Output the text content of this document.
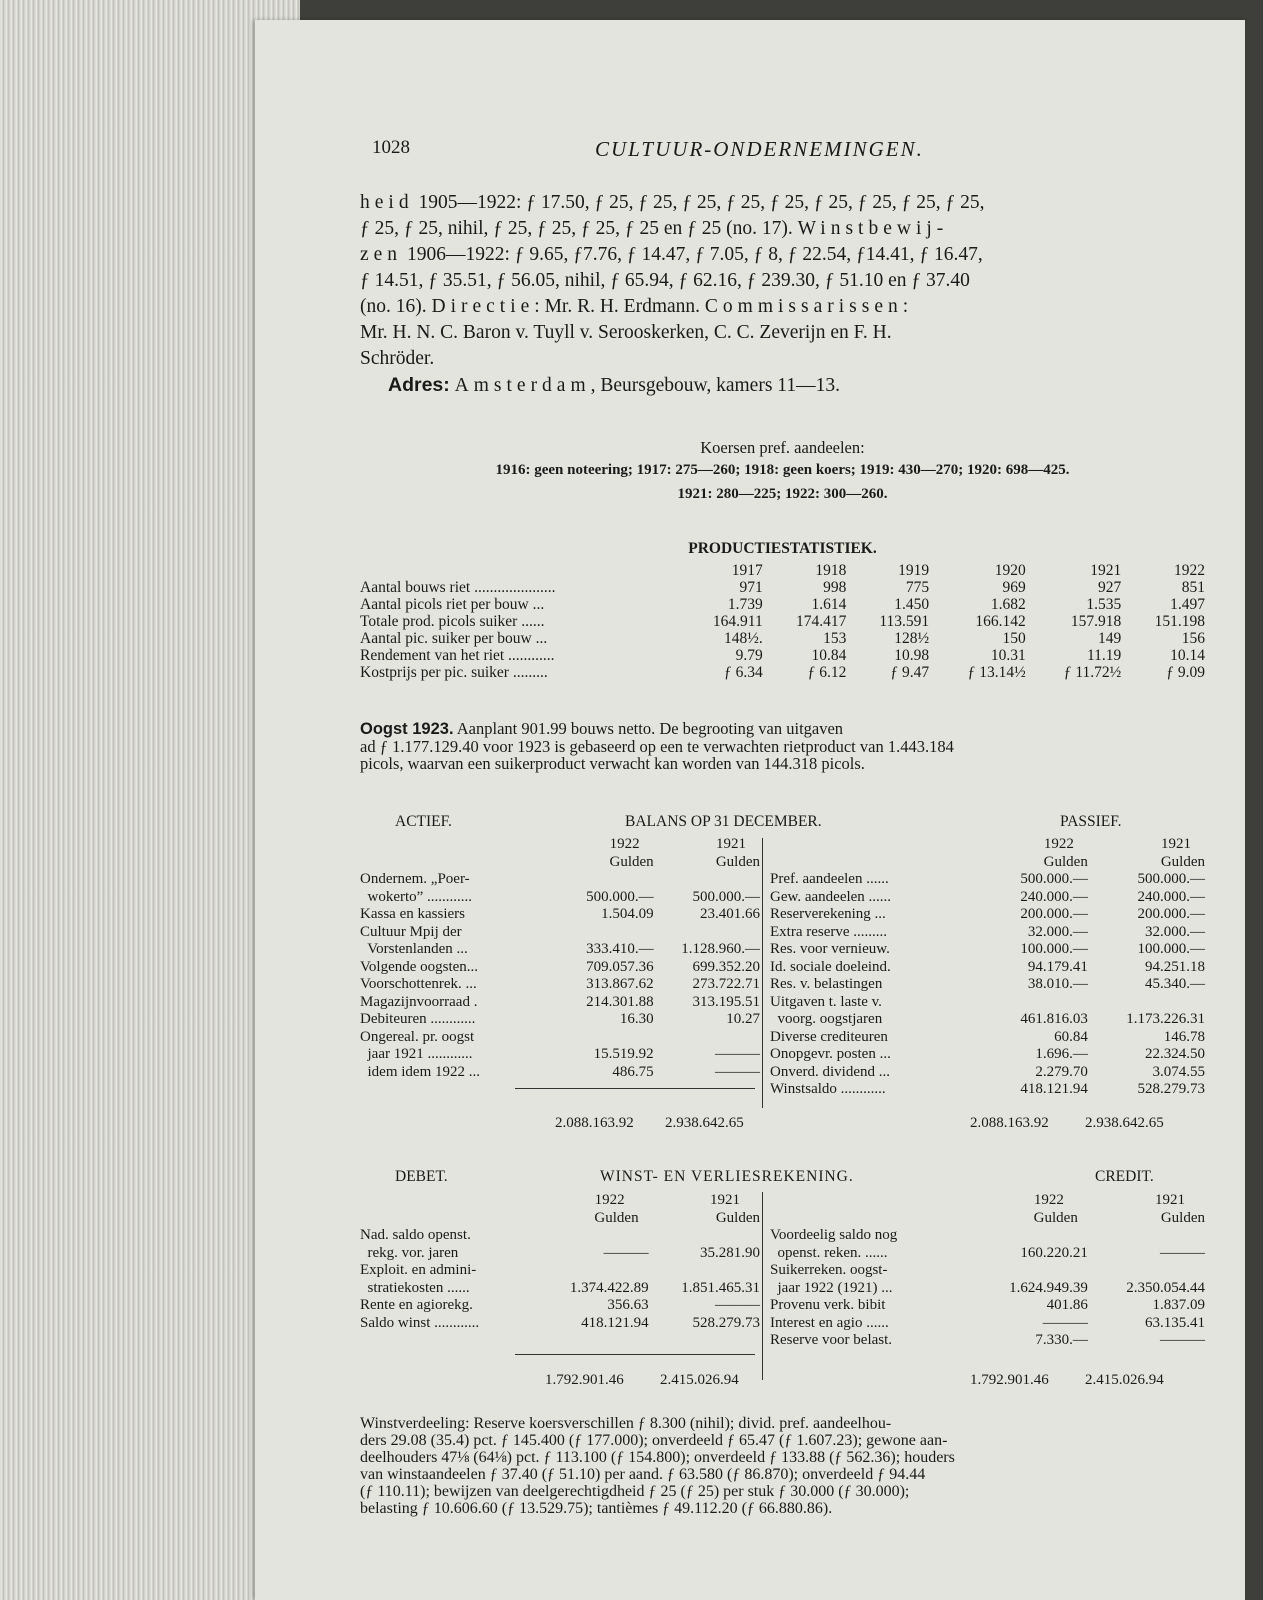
1028	CULTUUR-ONDERNEMINGEN.
heid 1905—1922: ƒ 17.50, ƒ 25, ƒ 25, ƒ 25, ƒ 25, ƒ 25, ƒ 25, ƒ 25, ƒ 25, ƒ 25,
ƒ 25, ƒ 25, nihil, ƒ 25, ƒ 25, ƒ 25, ƒ 25 en ƒ 25 (no. 17). Winstbewij-
zen 1906—1922: ƒ 9.65, ƒ7.76, ƒ 14.47, ƒ 7.05, ƒ 8, ƒ 22.54, ƒ14.41, ƒ 16.47,
ƒ 14.51, ƒ 35.51, ƒ 56.05, nihil, ƒ 65.94, ƒ 62.16, ƒ 239.30, ƒ 51.10 en ƒ 37.40
(no. 16). Directie: Mr. R. H. Erdmann. Commissarissen:
Mr. H. N. C. Baron v. Tuyll v. Serooskerken, C. C. Zeverijn en F. H.
Schröder.
Adres: Amsterdam, Beursgebouw, kamers 11—13.
Koersen pref. aandeelen:
1916: geen noteering; 1917: 275—260; 1918: geen koers; 1919: 430—270; 1920: 698—425.
1921: 280—225; 1922: 300—260.
PRODUCTIESTATISTIEK.
	1917	1918	1919	1920	1921	1922
Aantal bouws riet .....................	971	998	775	969	927	851
Aantal picols riet per bouw ...	1.739	1.614	1.450	1.682	1.535	1.497
Totale prod. picols suiker ......	164.911	174.417	113.591	166.142	157.918	151.198
Aantal pic. suiker per bouw ...	148½.	153	128½	150	149	156
Rendement van het riet ............	9.79	10.84	10.98	10.31	11.19	10.14
Kostprijs per pic. suiker .........	ƒ 6.34	ƒ 6.12	ƒ 9.47	ƒ 13.14½	ƒ 11.72½	ƒ 9.09
Oogst 1923. Aanplant 901.99 bouws netto. De begrooting van uitgaven
ad ƒ 1.177.129.40 voor 1923 is gebaseerd op een te verwachten rietproduct van 1.443.184
picols, waarvan een suikerproduct verwacht kan worden van 144.318 picols.
ACTIEF.	BALANS OP 31 DECEMBER.	PASSIEF.
	1922	1921
	Gulden	Gulden
Ondernem. „Poer-		
wokerto” ............	500.000.—	500.000.—
Kassa en kassiers	1.504.09	23.401.66
Cultuur Mpij der		
Vorstenlanden ...	333.410.—	1.128.960.—
Volgende oogsten...	709.057.36	699.352.20
Voorschottenrek. ...	313.867.62	273.722.71
Magazijnvoorraad .	214.301.88	313.195.51
Debiteuren ............	16.30	10.27
Ongereal. pr. oogst		
jaar 1921 ............	15.519.92	———
idem idem 1922 ...	486.75	———
	1922	1921
	Gulden	Gulden
Pref. aandeelen ......	500.000.—	500.000.—
Gew. aandeelen ......	240.000.—	240.000.—
Reserverekening ...	200.000.—	200.000.—
Extra reserve .........	32.000.—	32.000.—
Res. voor vernieuw.	100.000.—	100.000.—
Id. sociale doeleind.	94.179.41	94.251.18
Res. v. belastingen	38.010.—	45.340.—
Uitgaven t. laste v.		
voorg. oogstjaren	461.816.03	1.173.226.31
Diverse crediteuren	60.84	146.78
Onopgevr. posten ...	1.696.—	22.324.50
Onverd. dividend ...	2.279.70	3.074.55
Winstsaldo ............	418.121.94	528.279.73
2.088.163.92 2.938.642.65	2.088.163.92 2.938.642.65
DEBET.	WINST- EN VERLIESREKENING.	CREDIT.
	1922	1921
	Gulden	Gulden
Nad. saldo openst.		
rekg. vor. jaren	———	35.281.90
Exploit. en admini-		
stratiekosten ......	1.374.422.89	1.851.465.31
Rente en agiorekg.	356.63	———
Saldo winst ............	418.121.94	528.279.73
	1922	1921
	Gulden	Gulden
Voordeelig saldo nog		
openst. reken. ......	160.220.21	———
Suikerreken. oogst-		
jaar 1922 (1921) ...	1.624.949.39	2.350.054.44
Provenu verk. bibit	401.86	1.837.09
Interest en agio ......	———	63.135.41
Reserve voor belast.	7.330.—	———
1.792.901.46 2.415.026.94	1.792.901.46 2.415.026.94
Winstverdeeling: Reserve koersverschillen ƒ 8.300 (nihil); divid. pref. aandeelhou-
ders 29.08 (35.4) pct. ƒ 145.400 (ƒ 177.000); onverdeeld ƒ 65.47 (ƒ 1.607.23); gewone aan-
deelhouders 47⅛ (64⅛) pct. ƒ 113.100 (ƒ 154.800); onverdeeld ƒ 133.88 (ƒ 562.36); houders
van winstaandeelen ƒ 37.40 (ƒ 51.10) per aand. ƒ 63.580 (ƒ 86.870); onverdeeld ƒ 94.44
(ƒ 110.11); bewijzen van deelgerechtigdheid ƒ 25 (ƒ 25) per stuk ƒ 30.000 (ƒ 30.000);
belasting ƒ 10.606.60 (ƒ 13.529.75); tantièmes ƒ 49.112.20 (ƒ 66.880.86).
